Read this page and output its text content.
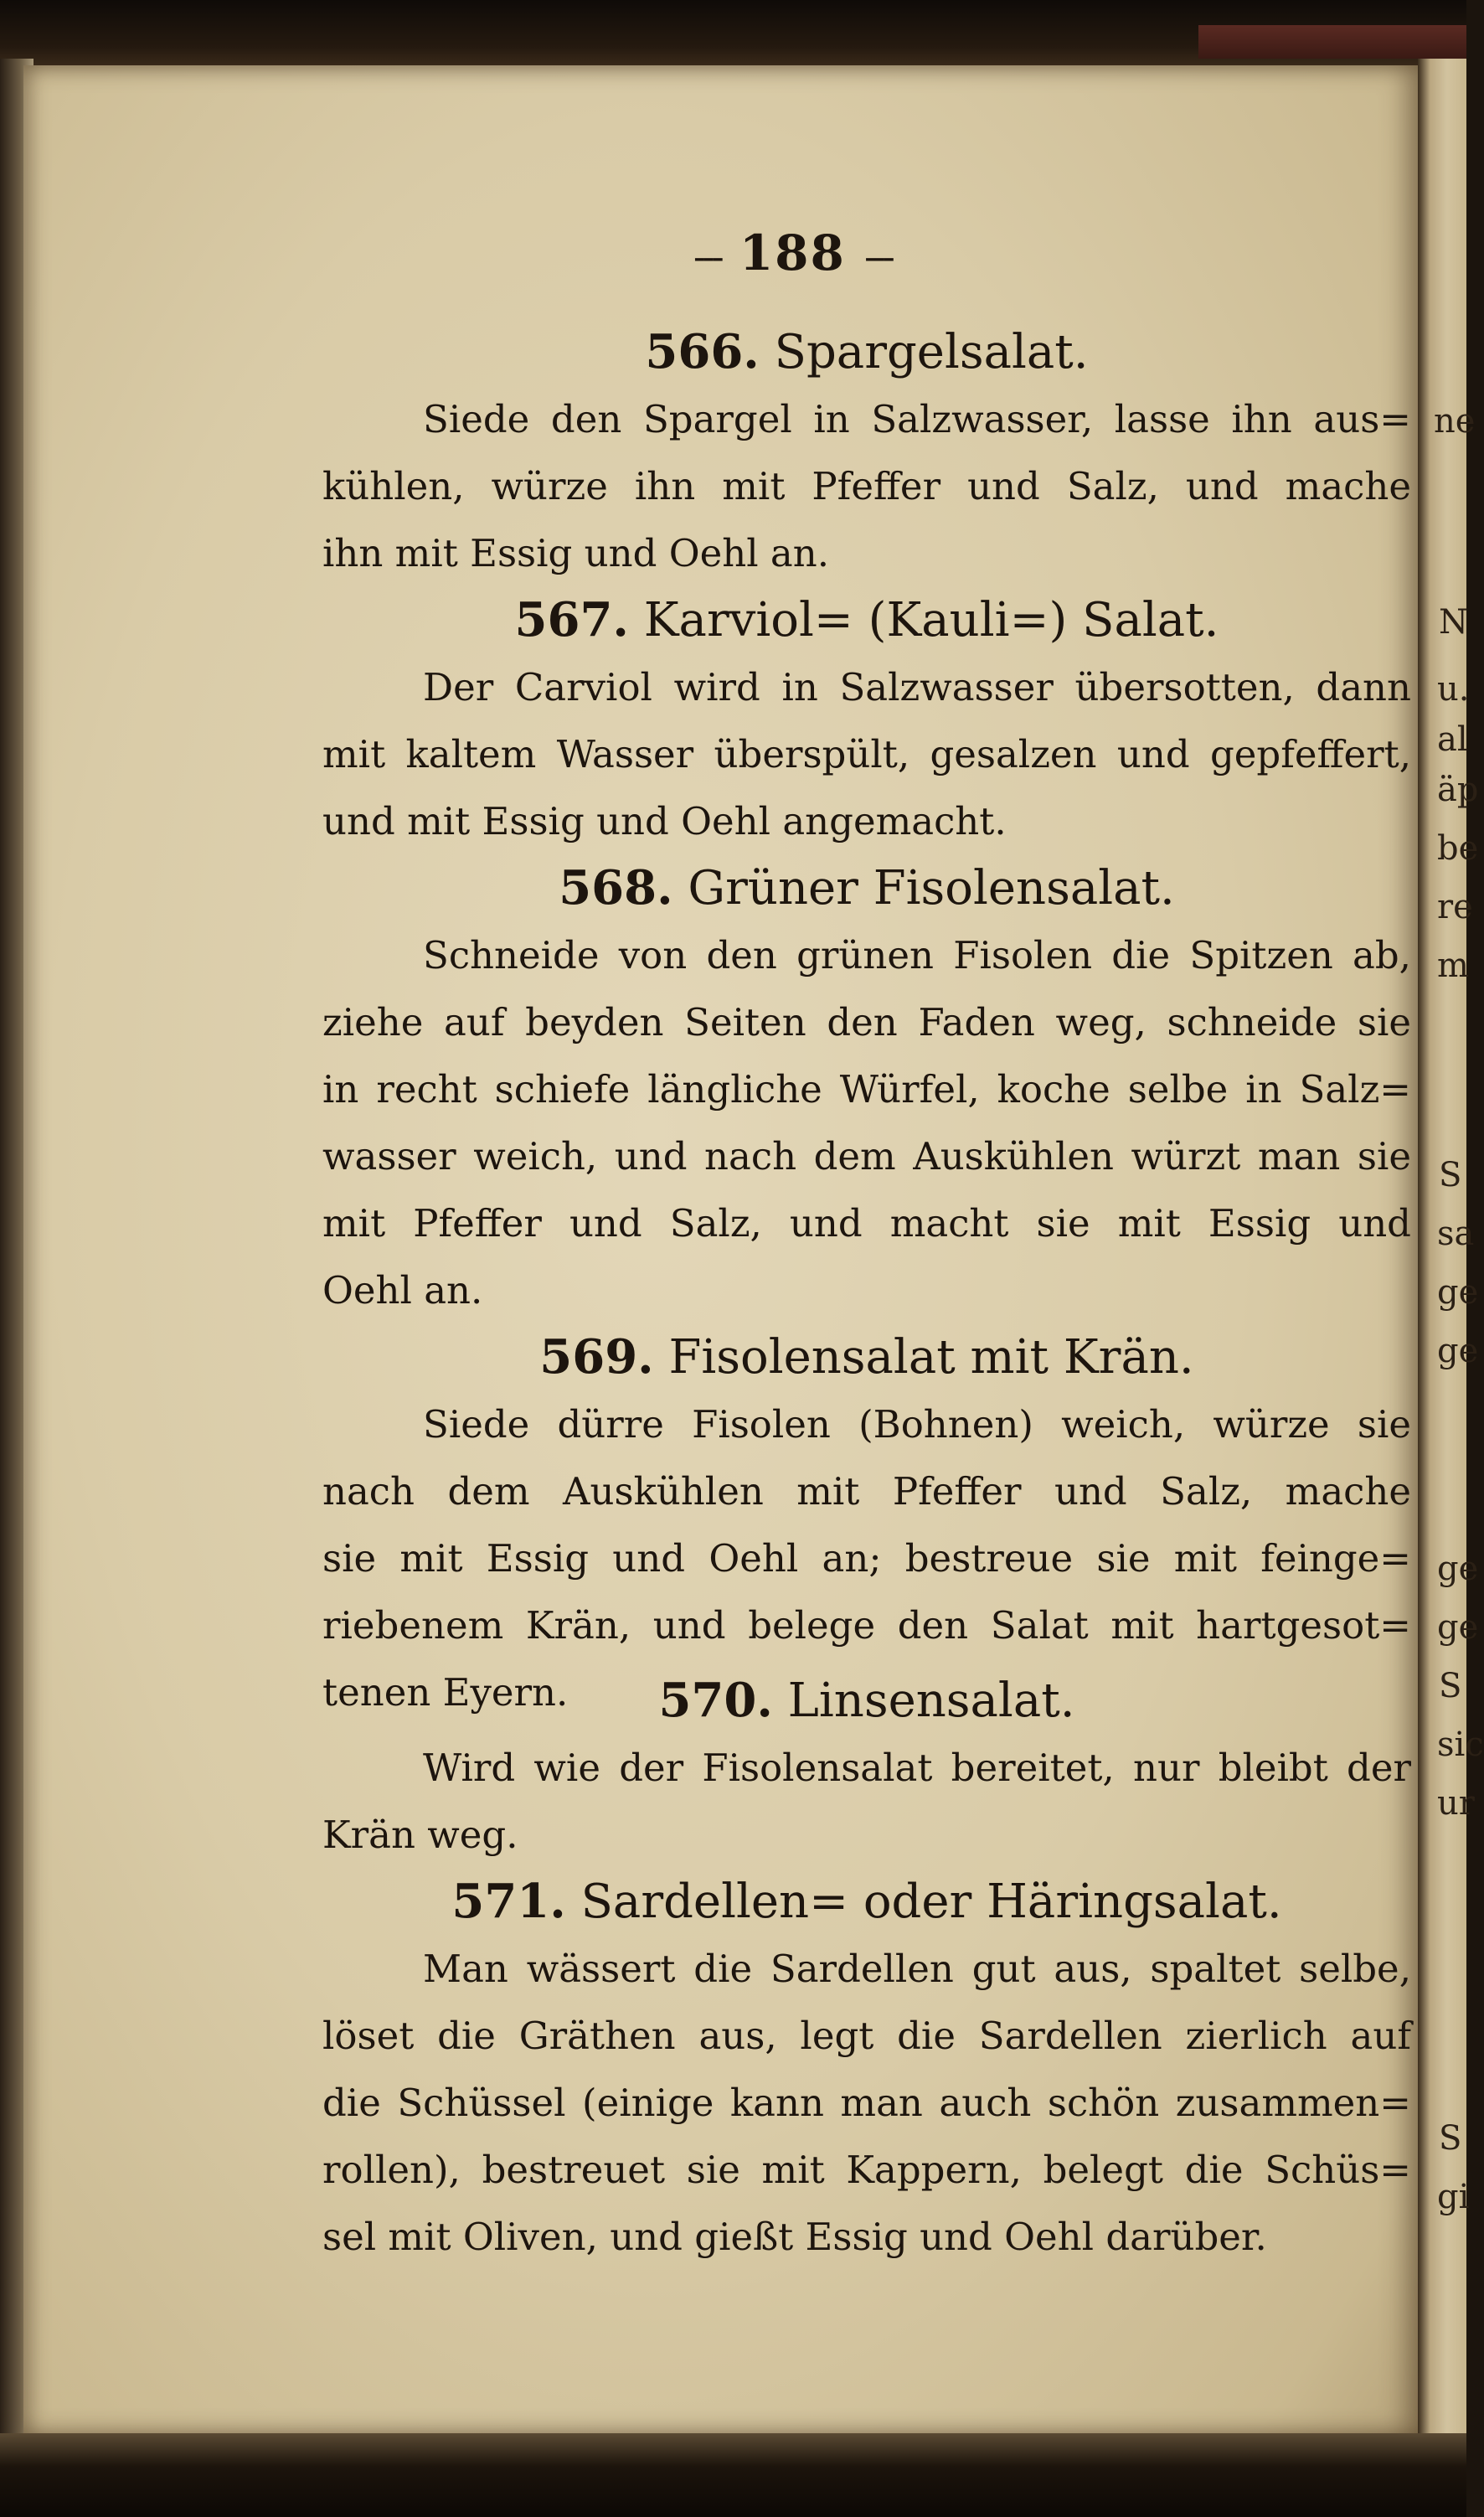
--- 188 ---
566. Spargelsalat.
Siede den Spargel in Salzwasser, lasse ihn aus=
kühlen, würze ihn mit Pfeffer und Salz, und mache
ihn mit Essig und Oehl an.
567. Karviol= (Kauli=) Salat.
Der Carviol wird in Salzwasser übersotten, dann
mit kaltem Wasser überspült, gesalzen und gepfeffert,
und mit Essig und Oehl angemacht.
568. Grüner Fisolensalat.
Schneide von den grünen Fisolen die Spitzen ab,
ziehe auf beyden Seiten den Faden weg, schneide sie
in recht schiefe längliche Würfel, koche selbe in Salz=
wasser weich, und nach dem Auskühlen würzt man sie
mit Pfeffer und Salz, und macht sie mit Essig und
Oehl an.
569. Fisolensalat mit Krän.
Siede dürre Fisolen (Bohnen) weich, würze sie
nach dem Auskühlen mit Pfeffer und Salz, mache
sie mit Essig und Oehl an; bestreue sie mit feinge=
riebenem Krän, und belege den Salat mit hartgesot=
tenen Eyern.	570. Linsensalat.
Wird wie der Fisolensalat bereitet, nur bleibt der
Krän weg.
571. Sardellen= oder Häringsalat.
Man wässert die Sardellen gut aus, spaltet selbe,
löset die Gräthen aus, legt die Sardellen zierlich auf
die Schüssel (einige kann man auch schön zusammen=
rollen), bestreuet sie mit Kappern, belegt die Schüs=
sel mit Oliven, und gießt Essig und Oehl darüber.
ne
N
u.
al
äp
be
re
m
S
sa
ge
ge
ge
ge
S
sic
ur
S
gi
